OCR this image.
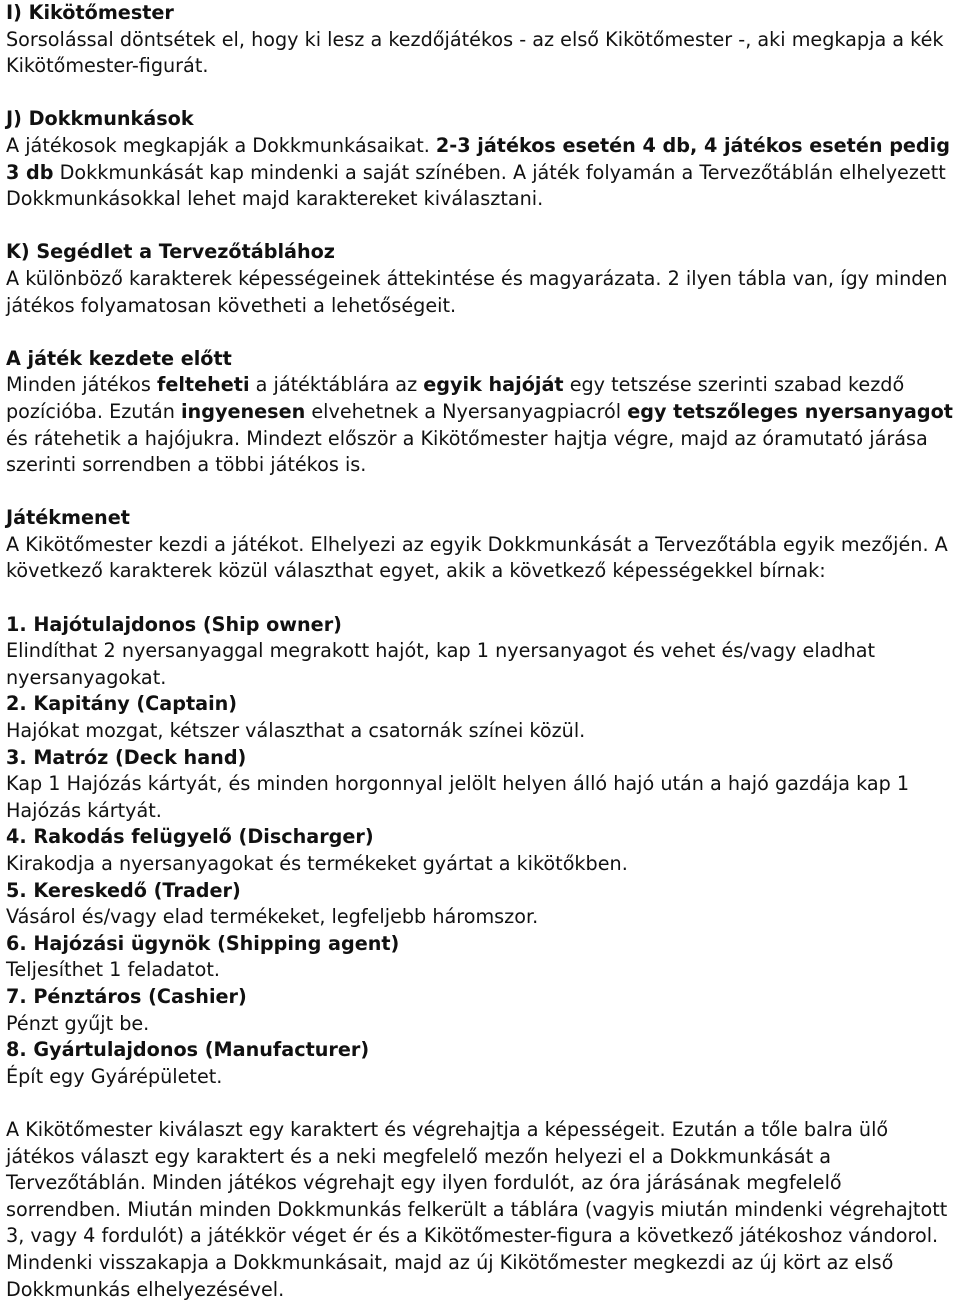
I) Kikötőmester

Sorsolással döntsétek el, hogy ki lesz a kezdőjátékos - az első Kikötőmester -, aki megkapja a kék Kikötőmester-figurát.

J) Dokkmunkások

A játékosok megkapják a Dokkmunkásaikat. 2-3 játékos esetén 4 db, 4 játékos esetén pedig 3 db Dokkmunkását kap mindenki a saját színében. A játék folyamán a Tervezőtáblán elhelyezett Dokkmunkásokkal lehet majd karaktereket kiválasztani.

K) Segédlet a Tervezőtáblához

A különböző karakterek képességeinek áttekintése és magyarázata. 2 ilyen tábla van, így minden játékos folyamatosan követheti a lehetőségeit.

A játék kezdete előtt

Minden játékos felteheti a játéktáblára az egyik hajóját egy tetszése szerinti szabad kezdő pozícióba. Ezután ingyenesen elvehetnek a Nyersanyagpiacról egy tetszőleges nyersanyagot és rátehetik a hajójukra. Mindezt először a Kikötőmester hajtja végre, majd az óramutató járása szerinti sorrendben a többi játékos is.

Játékmenet

A Kikötőmester kezdi a játékot. Elhelyezi az egyik Dokkmunkását a Tervezőtábla egyik mezőjén. A következő karakterek közül választhat egyet, akik a következő képességekkel bírnak:

1. Hajótulajdonos (Ship owner)

Elindíthat 2 nyersanyaggal megrakott hajót, kap 1 nyersanyagot és vehet és/vagy eladhat nyersanyagokat.

2. Kapitány (Captain)

Hajókat mozgat, kétszer választhat a csatornák színei közül.

3. Matróz (Deck hand)

Kap 1 Hajózás kártyát, és minden horgonnyal jelölt helyen álló hajó után a hajó gazdája kap 1 Hajózás kártyát.

4. Rakodás felügyelő (Discharger)

Kirakodja a nyersanyagokat és termékeket gyártat a kikötőkben.

5. Kereskedő (Trader)

Vásárol és/vagy elad termékeket, legfeljebb háromszor.

6. Hajózási ügynök (Shipping agent)

Teljesíthet 1 feladatot.

7. Pénztáros (Cashier)

Pénzt gyűjt be.

8. Gyártulajdonos (Manufacturer)

Épít egy Gyárépületet.

A Kikötőmester kiválaszt egy karaktert és végrehajtja a képességeit. Ezután a tőle balra ülő játékos választ egy karaktert és a neki megfelelő mezőn helyezi el a Dokkmunkását a Tervezőtáblán. Minden játékos végrehajt egy ilyen fordulót, az óra járásának megfelelő sorrendben. Miután minden Dokkmunkás felkerült a táblára (vagyis miután mindenki végrehajtott 3, vagy 4 fordulót) a játékkör véget ér és a Kikötőmester-figura a következő játékoshoz vándorol. Mindenki visszakapja a Dokkmunkásait, majd az új Kikötőmester megkezdi az új kört az első Dokkmunkás elhelyezésével.
